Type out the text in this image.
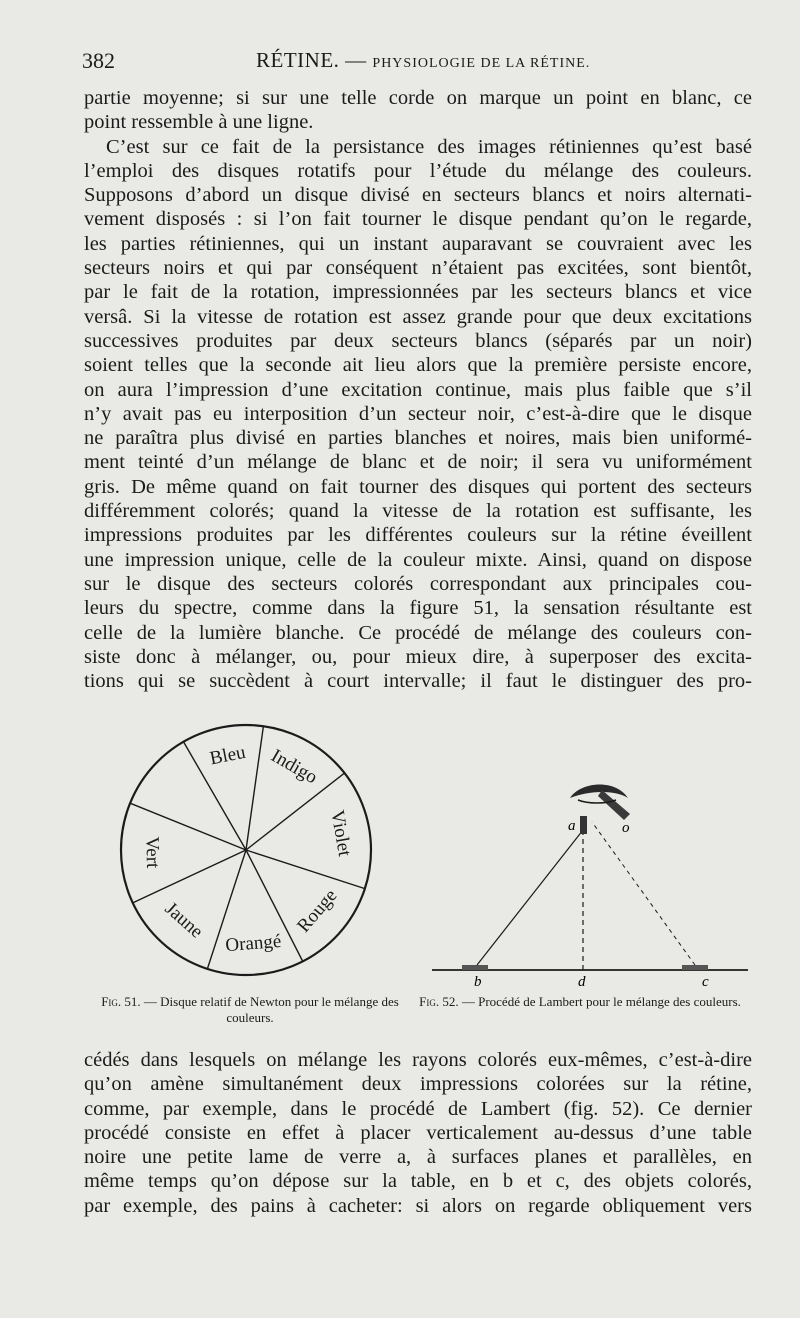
382	RÉTINE. — PHYSIOLOGIE DE LA RÉTINE.
partie moyenne; si sur une telle corde on marque un point en blanc, ce
point ressemble à une ligne.
C’est sur ce fait de la persistance des images rétiniennes qu’est basé
l’emploi des disques rotatifs pour l’étude du mélange des couleurs.
Supposons d’abord un disque divisé en secteurs blancs et noirs alternati-
vement disposés : si l’on fait tourner le disque pendant qu’on le regarde,
les parties rétiniennes, qui un instant auparavant se couvraient avec les
secteurs noirs et qui par conséquent n’étaient pas excitées, sont bientôt,
par le fait de la rotation, impressionnées par les secteurs blancs et vice
versâ. Si la vitesse de rotation est assez grande pour que deux excitations
successives produites par deux secteurs blancs (séparés par un noir)
soient telles que la seconde ait lieu alors que la première persiste encore,
on aura l’impression d’une excitation continue, mais plus faible que s’il
n’y avait pas eu interposition d’un secteur noir, c’est-à-dire que le disque
ne paraîtra plus divisé en parties blanches et noires, mais bien uniformé-
ment teinté d’un mélange de blanc et de noir; il sera vu uniformément
gris. De même quand on fait tourner des disques qui portent des secteurs
différemment colorés; quand la vitesse de la rotation est suffisante, les
impressions produites par les différentes couleurs sur la rétine éveillent
une impression unique, celle de la couleur mixte. Ainsi, quand on dispose
sur le disque des secteurs colorés correspondant aux principales cou-
leurs du spectre, comme dans la figure 51, la sensation résultante est
celle de la lumière blanche. Ce procédé de mélange des couleurs con-
siste donc à mélanger, ou, pour mieux dire, à superposer des excita-
tions qui se succèdent à court intervalle; il faut le distinguer des pro-
Bleu Indigo
Violet
Rouge
Orangé
Jaune
Vert
a	o
b	d	c
Fig. 51. — Disque relatif de Newton pour le mélange des couleurs.
Fig. 52. — Procédé de Lambert pour le mélange des couleurs.
cédés dans lesquels on mélange les rayons colorés eux-mêmes, c’est-à-dire
qu’on amène simultanément deux impressions colorées sur la rétine,
comme, par exemple, dans le procédé de Lambert (fig. 52). Ce dernier
procédé consiste en effet à placer verticalement au-dessus d’une table
noire une petite lame de verre a, à surfaces planes et parallèles, en
même temps qu’on dépose sur la table, en b et c, des objets colorés,
par exemple, des pains à cacheter: si alors on regarde obliquement vers
